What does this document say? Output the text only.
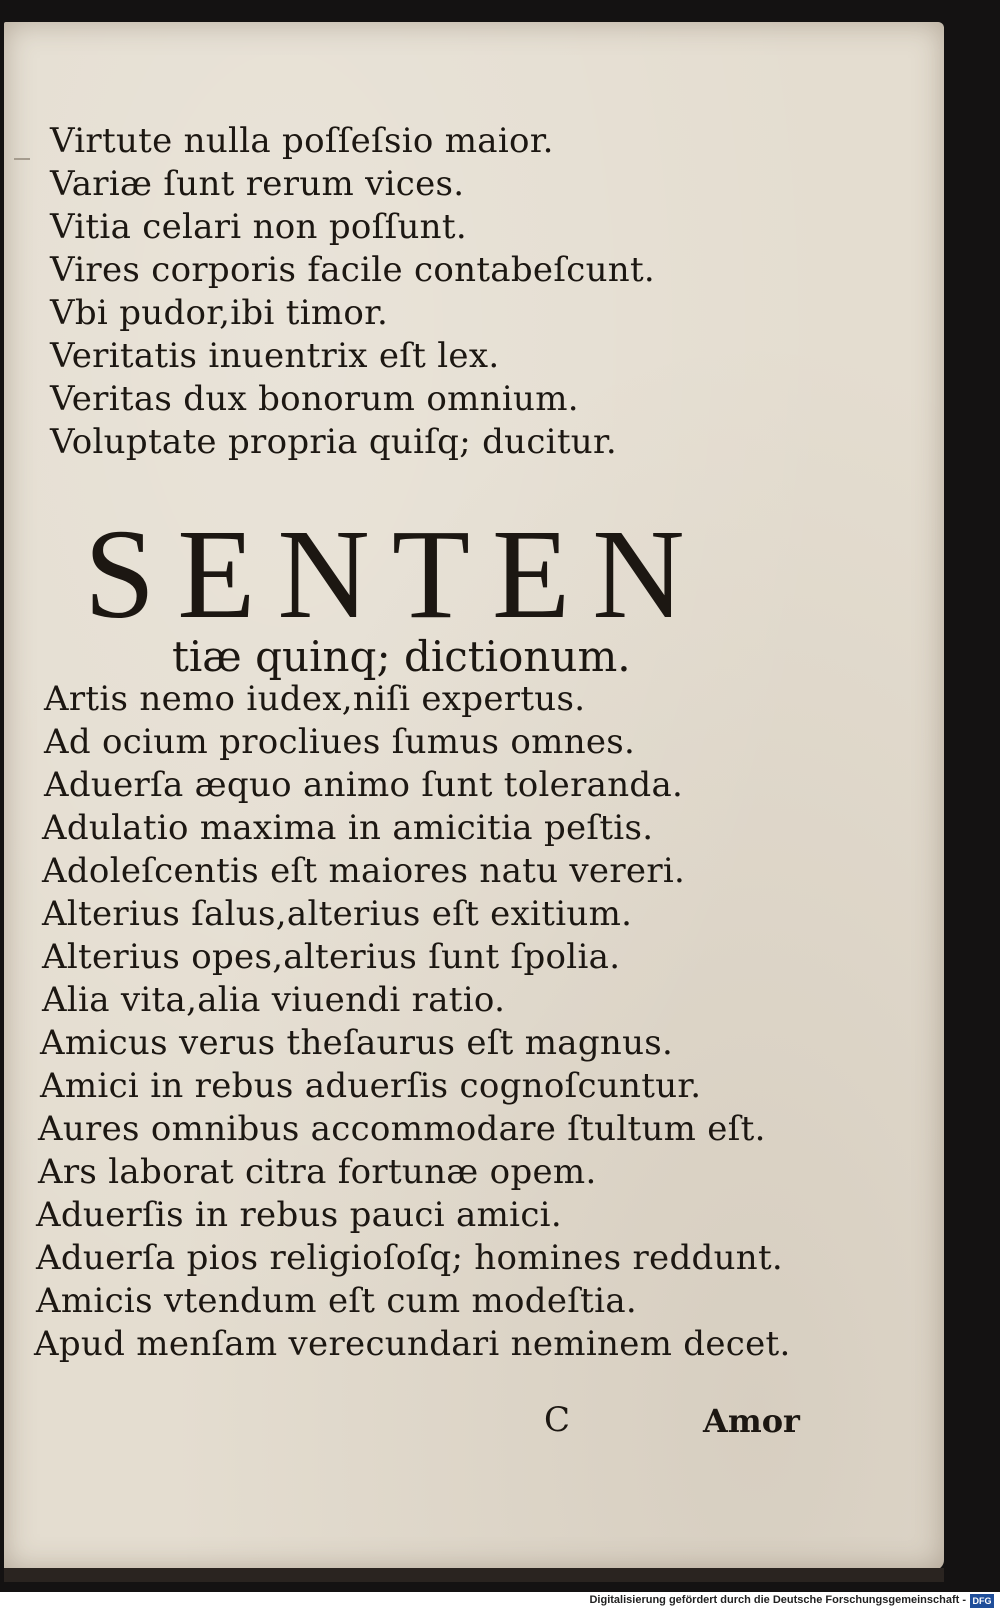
Virtute nulla poſſeſsio maior.
Variæ ſunt rerum vices.
Vitia celari non poſſunt.
Vires corporis facile contabeſcunt.
Vbi pudor,ibi timor.
Veritatis inuentrix eſt lex.
Veritas dux bonorum omnium.
Voluptate propria quiſq; ducitur.
SENTEN
tiæ quinq; dictionum.
Artis nemo iudex,niſi expertus.
Ad ocium procliues ſumus omnes.
Aduerſa æquo animo ſunt toleranda.
Adulatio maxima in amicitia peſtis.
Adoleſcentis eſt maiores natu vereri.
Alterius ſalus,alterius eſt exitium.
Alterius opes,alterius ſunt ſpolia.
Alia vita,alia viuendi ratio.
Amicus verus theſaurus eſt magnus.
Amici in rebus aduerſis cognoſcuntur.
Aures omnibus accommodare ſtultum eſt.
Ars laborat citra fortunæ opem.
Aduerſis in rebus pauci amici.
Aduerſa pios religioſoſq; homines reddunt.
Amicis vtendum eſt cum modeſtia.
Apud menſam verecundari neminem decet.
C	Amor
Digitalisierung gefördert durch die Deutsche Forschungsgemeinschaft - DFG
